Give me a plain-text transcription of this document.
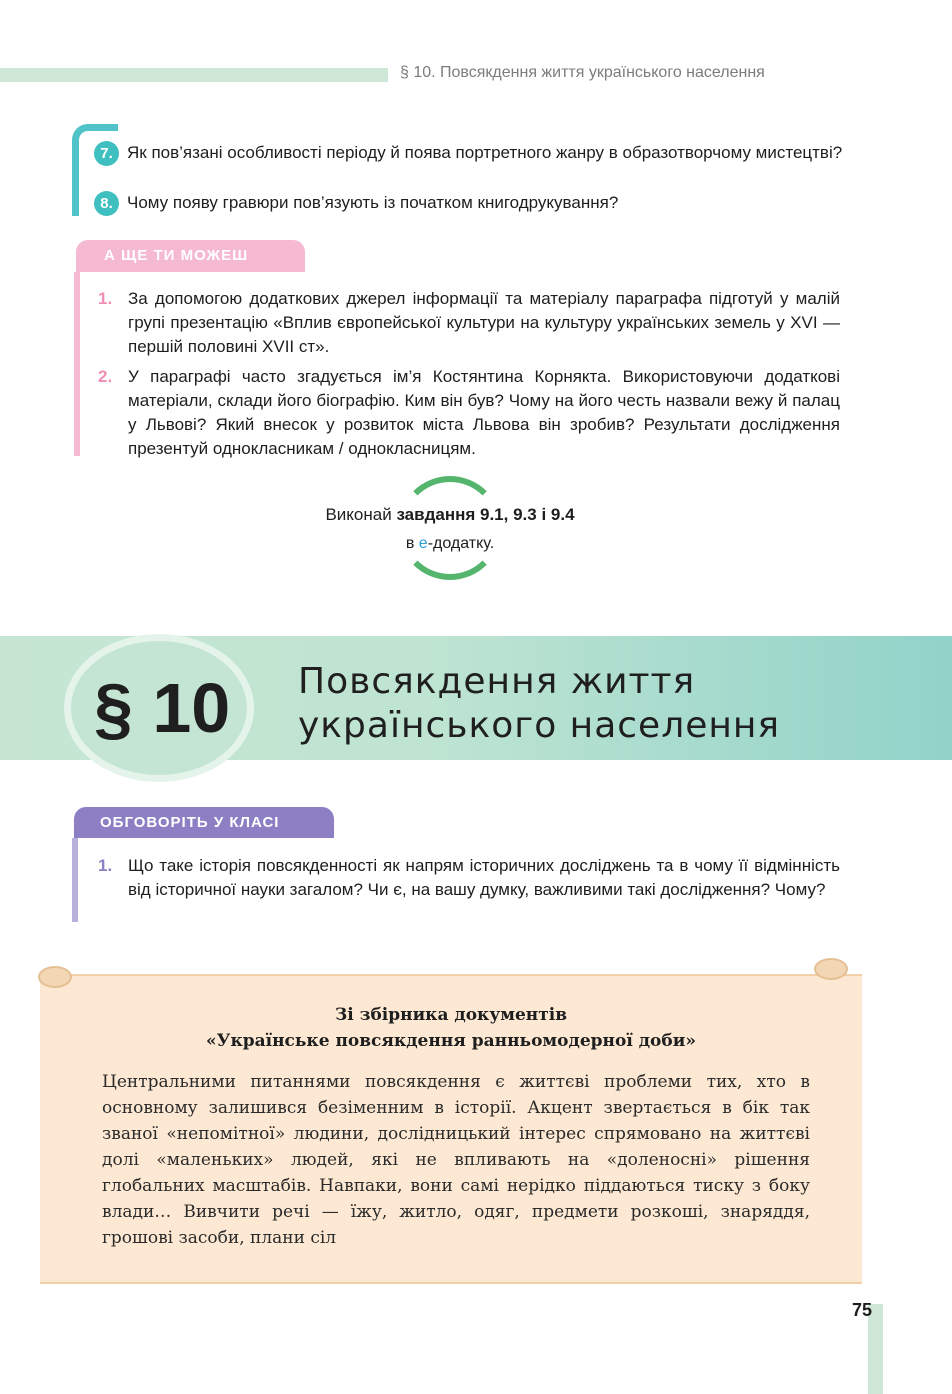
§ 10. Повсякдення життя українського населення
7. Як пов’язані особливості періоду й поява портретного жанру в образотворчому мистецтві?
8. Чому появу гравюри пов’язують із початком книгодрукування?
А ЩЕ ТИ МОЖЕШ
1. За допомогою додаткових джерел інформації та матеріалу параграфа підготуй у малій групі презентацію «Вплив європейської культури на культуру українських земель у XVI — першій половині XVII ст».
2. У параграфі часто згадується ім’я Костянтина Корнякта. Використовуючи додаткові матеріали, склади його біографію. Ким він був? Чому на його честь назвали вежу й палац у Львові? Який внесок у розвиток міста Львова він зробив? Результати дослідження презентуй однокласникам / однокласницям.
Виконай завдання 9.1, 9.3 і 9.4
в е-додатку.
§ 10 Повсякдення життя
українського населення
ОБГОВОРІТЬ У КЛАСІ
1. Що таке історія повсякденності як напрям історичних досліджень та в чому її відмінність від історичної науки загалом? Чи є, на вашу думку, важливими такі дослідження? Чому?
Зі збірника документів
«Українське повсякдення ранньомодерної доби»
Центральними питаннями повсякдення є життєві проблеми тих, хто в основному залишився безіменним в історії. Акцент звертається в бік так званої «непомітної» людини, дослідницький інтерес спрямовано на життєві долі «маленьких» людей, які не впливають на «доленосні» рішення глобальних масштабів. Навпаки, вони самі нерідко піддаються тиску з боку влади… Вивчити речі — їжу, житло, одяг, предмети розкоші, знаряддя, грошові засоби, плани сіл
75
